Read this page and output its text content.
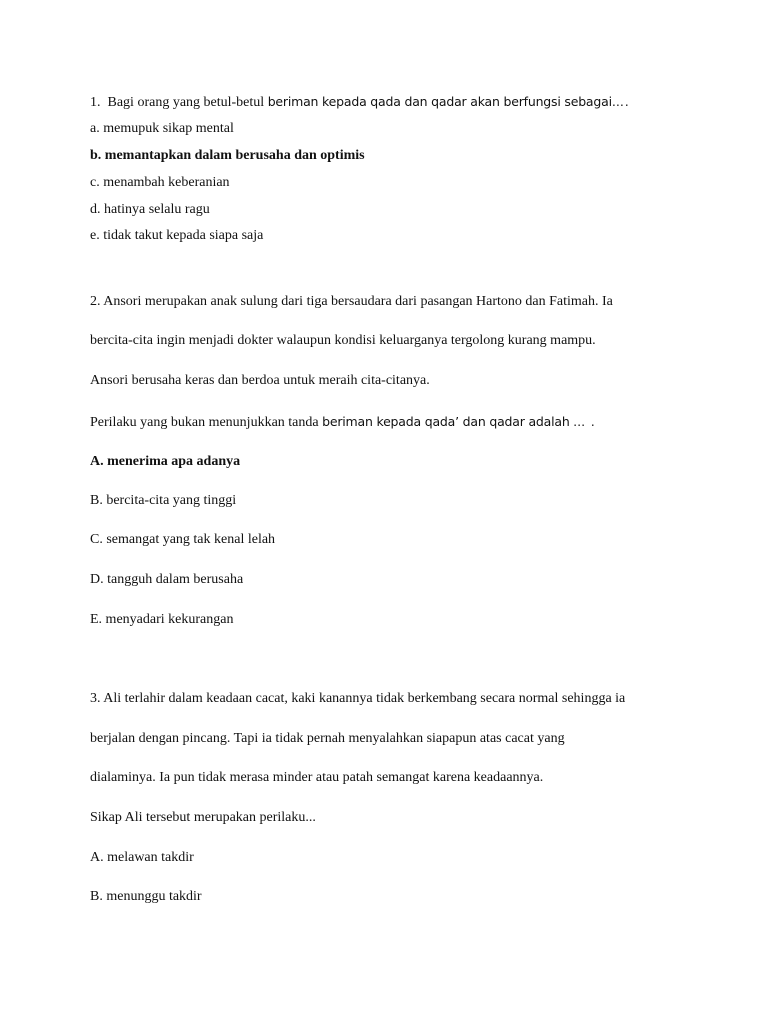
1. Bagi orang yang betul-betul beriman kepada qada dan qadar akan berfungsi sebagai….
a. memupuk sikap mental
b. memantapkan dalam berusaha dan optimis
c. menambah keberanian
d. hatinya selalu ragu
e. tidak takut kepada siapa saja
2. Ansori merupakan anak sulung dari tiga bersaudara dari pasangan Hartono dan Fatimah. Ia
bercita-cita ingin menjadi dokter walaupun kondisi keluarganya tergolong kurang mampu.
Ansori berusaha keras dan berdoa untuk meraih cita-citanya.
Perilaku yang bukan menunjukkan tanda beriman kepada qada’ dan qadar adalah … .
A. menerima apa adanya
B. bercita-cita yang tinggi
C. semangat yang tak kenal lelah
D. tangguh dalam berusaha
E. menyadari kekurangan
3. Ali terlahir dalam keadaan cacat, kaki kanannya tidak berkembang secara normal sehingga ia
berjalan dengan pincang. Tapi ia tidak pernah menyalahkan siapapun atas cacat yang
dialaminya. Ia pun tidak merasa minder atau patah semangat karena keadaannya.
Sikap Ali tersebut merupakan perilaku...
A. melawan takdir
B. menunggu takdir
